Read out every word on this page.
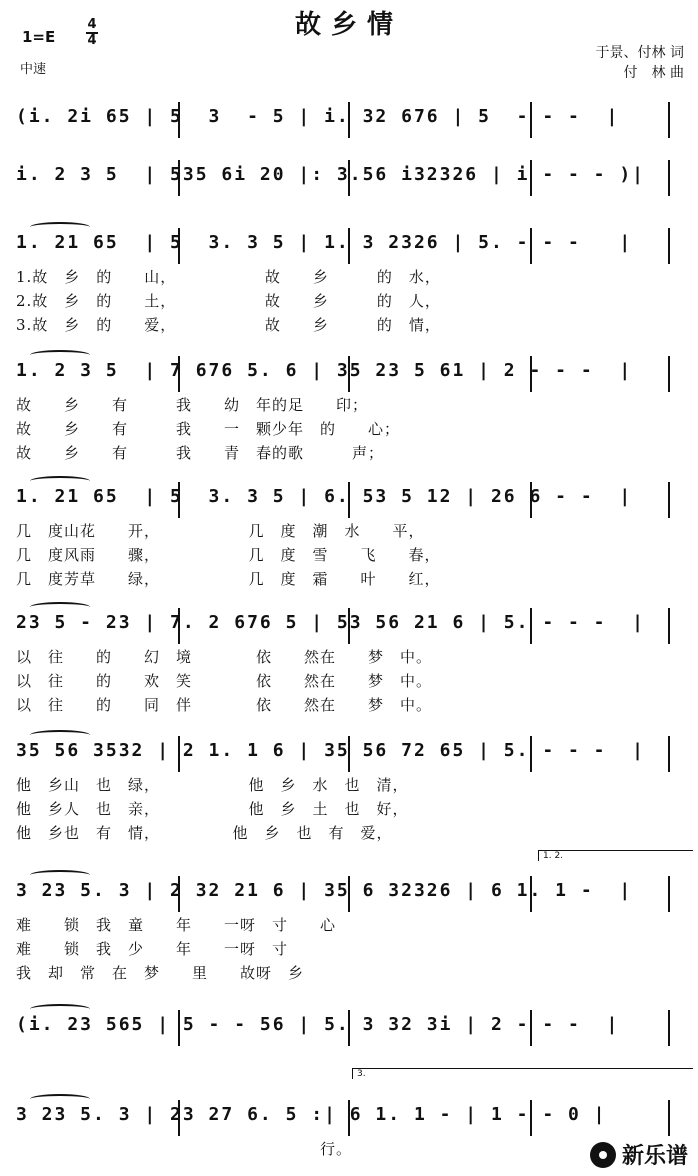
故乡情
1=E
4
4
中速
于景、付林 词
付　林 曲
(i. 2i 65 | 5  3  - 5 | i. 32 676 | 5  - - -  |
i. 2 3 5  | 535 6i 20 |: 3.56 i32326 | i - - - )|
1. 21 65  | 5  3. 3 5 | 1. 3 2326 | 5. - - -   |
1.故　乡　的　　山，　　　　　　故　　乡　　　的　水，
2.故　乡　的　　土，　　　　　　故　　乡　　　的　人，
3.故　乡　的　　爱，　　　　　　故　　乡　　　的　情，
1. 2 3 5  | 7 676 5. 6 | 35 23 5 61 | 2 - - -  |
故　　乡　　有　　　我　　幼　年的足　　印；
故　　乡　　有　　　我　　一　颗少年　的　　心；
故　　乡　　有　　　我　　青　春的歌　　　声；
1. 21 65  | 5  3. 3 5 | 6. 53 5 12 | 26 6 - -  |
几　度山花　　开，　　　　　　几　度　潮　水　　平，
几　度风雨　　骤，　　　　　　几　度　雪　　飞　　春，
几　度芳草　　绿，　　　　　　几　度　霜　　叶　　红，
23 5 - 23 | 7. 2 676 5 | 53 56 21 6 | 5. - - -  |
以　往　　的　　幻　境　　　　依　　然在　　梦　中。
以　往　　的　　欢　笑　　　　依　　然在　　梦　中。
以　往　　的　　同　伴　　　　依　　然在　　梦　中。
35 56 3532 | 2 1. 1 6 | 35 56 72 65 | 5. - - -  |
他　乡山　也　绿，　　　　　　他　乡　水　也　清，
他　乡人　也　亲，　　　　　　他　乡　土　也　好，
他　乡也　有　情，　　　　　他　乡　也　有　爱，
3 23 5. 3 | 2 32 21 6 | 35 6 32326 | 6 1. 1 -  |
难　　锁　我　童　　年　　一呀　寸　　心
难　　锁　我　少　　年　　一呀　寸
我　却　常　在　梦　　里　　故呀　乡
(i. 23 565 | 5 - - 56 | 5. 3 32 3i | 2 - - -  |
3 23 5. 3 | 23 27 6. 5 :| 6 1. 1 - | 1 - - 0 |
　　　　　　　　　　　　　　　　　　　行。
1. 2.
3.
新乐谱
